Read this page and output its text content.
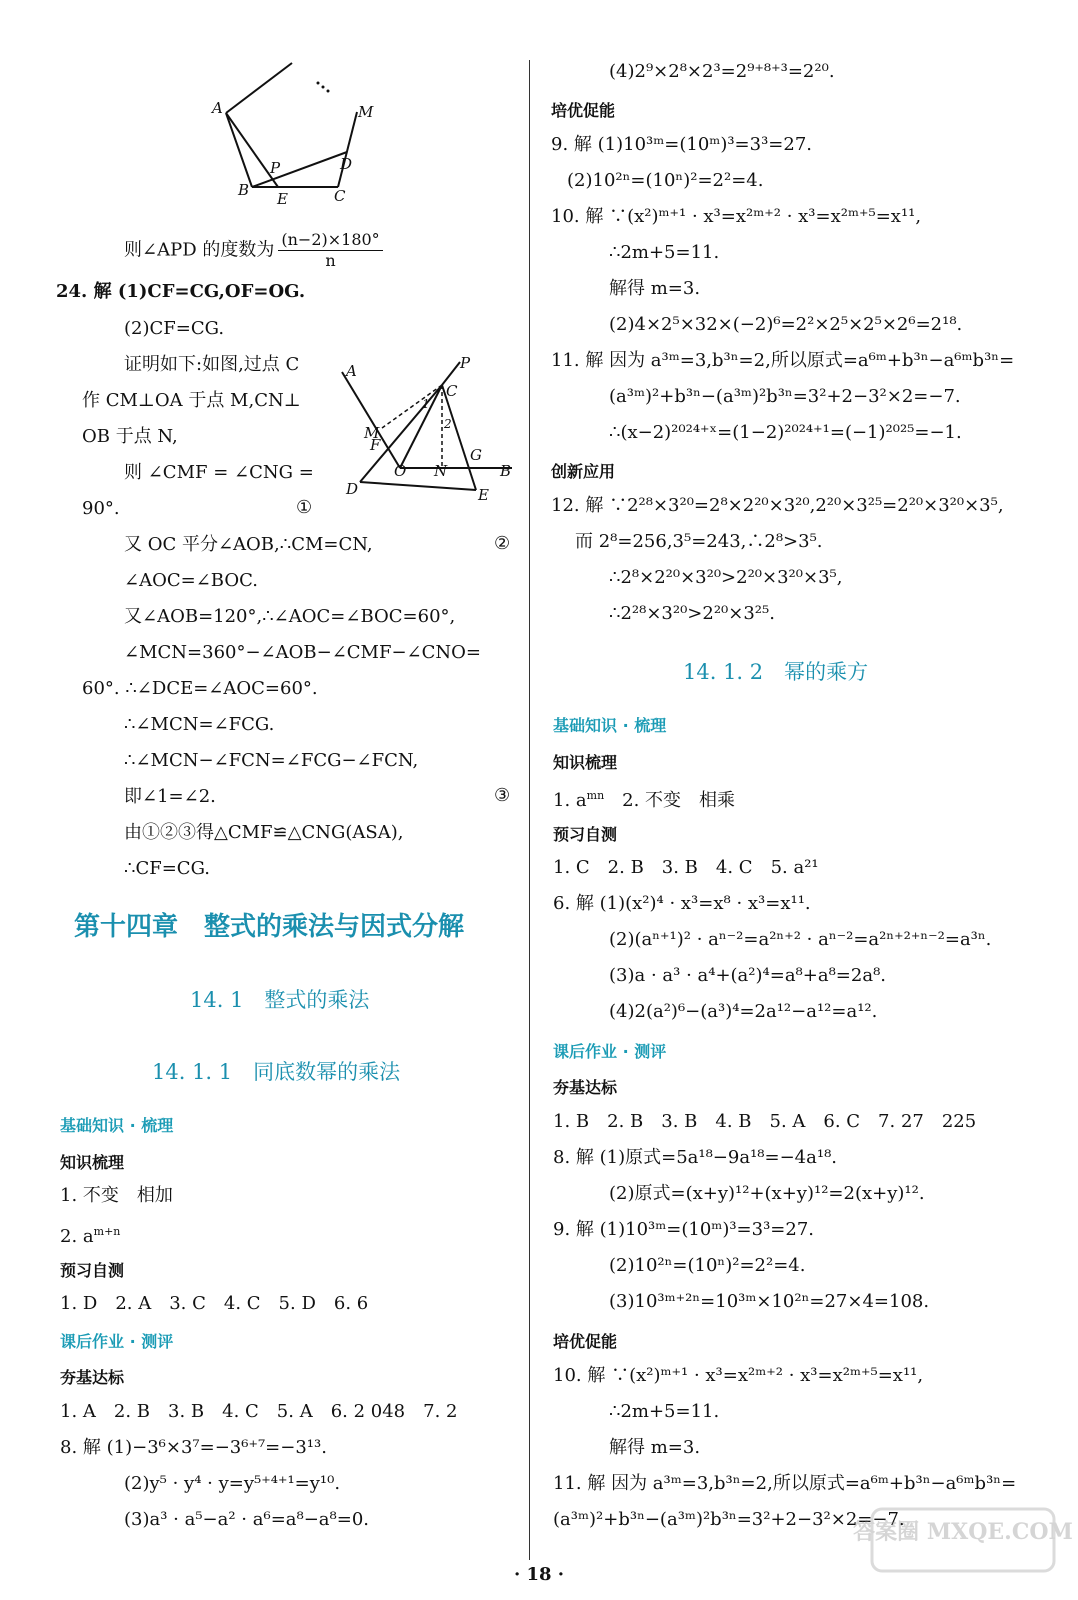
A	M
D
P
B E	C
则∠APD 的度数为 $\frac{(n-2)\times 180^\circ}{n}$
24. 解 (1)CF=CG,OF=OG.
(2)CF=CG.
证明如下:如图,过点 C
作 CM⊥OA 于点 M,CN⊥
OB 于点 N,
则 ∠CMF = ∠CNG =
90°.	①
A	P
C
M
F
O N
G
B
D	E
1
2
又 OC 平分∠AOB,∴CM=CN,	②
∠AOC=∠BOC.
又∠AOB=120°,∴∠AOC=∠BOC=60°,
∠MCN=360°−∠AOB−∠CMF−∠CNO=
60°. ∴∠DCE=∠AOC=60°.
∴∠MCN=∠FCG.
∴∠MCN−∠FCN=∠FCG−∠FCN,
即∠1=∠2.	③
由①②③得△CMF≌△CNG(ASA),
∴CF=CG.
第十四章　整式的乘法与因式分解
14. 1　整式的乘法
14. 1. 1　同底数幂的乘法
基础知识 · 梳理
知识梳理
1. 不变　相加
2. $a^{m+n}$
预习自测
1. D　2. A　3. C　4. C　5. D　6. 6
课后作业 · 测评
夯基达标
1. A　2. B　3. B　4. C　5. A　6. 2 048　7. 2
8. 解 (1)−3⁶×3⁷=−3⁶⁺⁷=−3¹³.
(2)y⁵ · y⁴ · y=y⁵⁺⁴⁺¹=y¹⁰.
(3)a³ · a⁵−a² · a⁶=a⁸−a⁸=0.
(4)2⁹×2⁸×2³=2⁹⁺⁸⁺³=2²⁰.
培优促能
9. 解 (1)10³ᵐ=(10ᵐ)³=3³=27.
(2)10²ⁿ=(10ⁿ)²=2²=4.
10. 解 ∵(x²)ᵐ⁺¹ · x³=x²ᵐ⁺² · x³=x²ᵐ⁺⁵=x¹¹,
∴2m+5=11.
解得 m=3.
(2)4×2⁵×32×(−2)⁶=2²×2⁵×2⁵×2⁶=2¹⁸.
11. 解 因为 a³ᵐ=3,b³ⁿ=2,所以原式=a⁶ᵐ+b³ⁿ−a⁶ᵐb³ⁿ=
(a³ᵐ)²+b³ⁿ−(a³ᵐ)²b³ⁿ=3²+2−3²×2=−7.
∴(x−2)²⁰²⁴⁺ˣ=(1−2)²⁰²⁴⁺¹=(−1)²⁰²⁵=−1.
创新应用
12. 解 ∵2²⁸×3²⁰=2⁸×2²⁰×3²⁰,2²⁰×3²⁵=2²⁰×3²⁰×3⁵,
而 2⁸=256,3⁵=243,∴2⁸>3⁵.
∴2⁸×2²⁰×3²⁰>2²⁰×3²⁰×3⁵,
∴2²⁸×3²⁰>2²⁰×3²⁵.
14. 1. 2　幂的乘方
基础知识 · 梳理
知识梳理
1. $a^{mn}$　2. 不变　相乘
预习自测
1. C　2. B　3. B　4. C　5. a²¹
6. 解 (1)(x²)⁴ · x³=x⁸ · x³=x¹¹.
(2)(aⁿ⁺¹)² · aⁿ⁻²=a²ⁿ⁺² · aⁿ⁻²=a²ⁿ⁺²⁺ⁿ⁻²=a³ⁿ.
(3)a · a³ · a⁴+(a²)⁴=a⁸+a⁸=2a⁸.
(4)2(a²)⁶−(a³)⁴=2a¹²−a¹²=a¹².
课后作业 · 测评
夯基达标
1. B　2. B　3. B　4. B　5. A　6. C　7. 27　225
8. 解 (1)原式=5a¹⁸−9a¹⁸=−4a¹⁸.
(2)原式=(x+y)¹²+(x+y)¹²=2(x+y)¹².
9. 解 (1)10³ᵐ=(10ᵐ)³=3³=27.
(2)10²ⁿ=(10ⁿ)²=2²=4.
(3)10³ᵐ⁺²ⁿ=10³ᵐ×10²ⁿ=27×4=108.
培优促能
10. 解 ∵(x²)ᵐ⁺¹ · x³=x²ᵐ⁺² · x³=x²ᵐ⁺⁵=x¹¹,
∴2m+5=11.
解得 m=3.
11. 解 因为 a³ᵐ=3,b³ⁿ=2,所以原式=a⁶ᵐ+b³ⁿ−a⁶ᵐb³ⁿ=
(a³ᵐ)²+b³ⁿ−(a³ᵐ)²b³ⁿ=3²+2−3²×2=−7.
答案圈 MXQE.COM
· 18 ·
